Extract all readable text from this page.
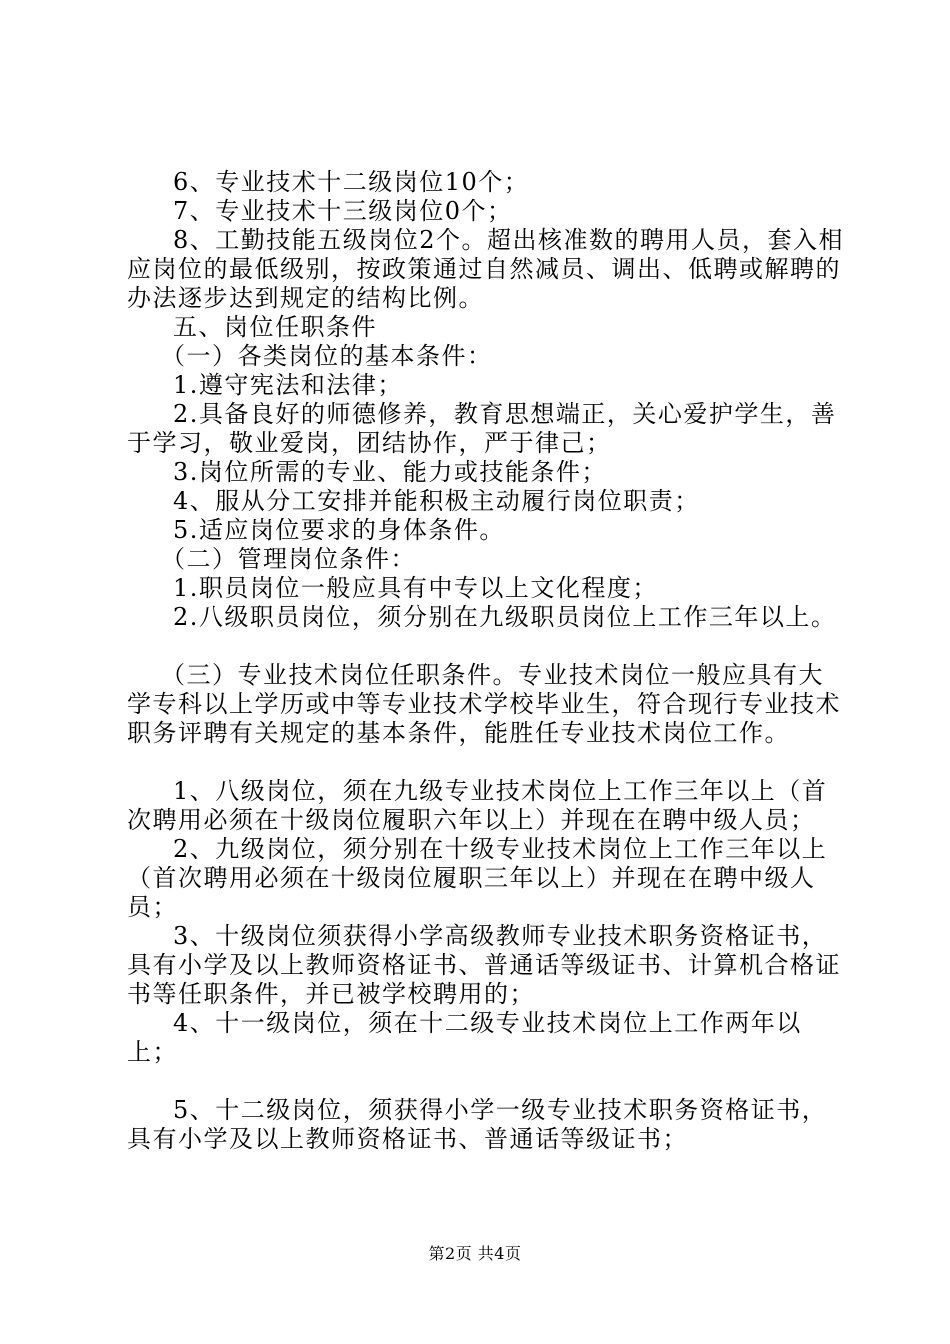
6、专业技术十二级岗位10个；

7、专业技术十三级岗位0个；

8、工勤技能五级岗位2个。超出核准数的聘用人员，套入相应岗位的最低级别，按政策通过自然减员、调出、低聘或解聘的办法逐步达到规定的结构比例。

五、岗位任职条件

（一）各类岗位的基本条件：

1.遵守宪法和法律；

2.具备良好的师德修养，教育思想端正，关心爱护学生，善于学习，敬业爱岗，团结协作，严于律己；

3.岗位所需的专业、能力或技能条件；

4、服从分工安排并能积极主动履行岗位职责；

5.适应岗位要求的身体条件。

（二）管理岗位条件：

1.职员岗位一般应具有中专以上文化程度；

2.八级职员岗位，须分别在九级职员岗位上工作三年以上。

（三）专业技术岗位任职条件。专业技术岗位一般应具有大学专科以上学历或中等专业技术学校毕业生，符合现行专业技术职务评聘有关规定的基本条件，能胜任专业技术岗位工作。

1、八级岗位，须在九级专业技术岗位上工作三年以上（首次聘用必须在十级岗位履职六年以上）并现在在聘中级人员；

2、九级岗位，须分别在十级专业技术岗位上工作三年以上（首次聘用必须在十级岗位履职三年以上）并现在在聘中级人员；

3、十级岗位须获得小学高级教师专业技术职务资格证书，具有小学及以上教师资格证书、普通话等级证书、计算机合格证书等任职条件，并已被学校聘用的；

4、十一级岗位，须在十二级专业技术岗位上工作两年以上；

5、十二级岗位，须获得小学一级专业技术职务资格证书，具有小学及以上教师资格证书、普通话等级证书；

第2页 共4页
